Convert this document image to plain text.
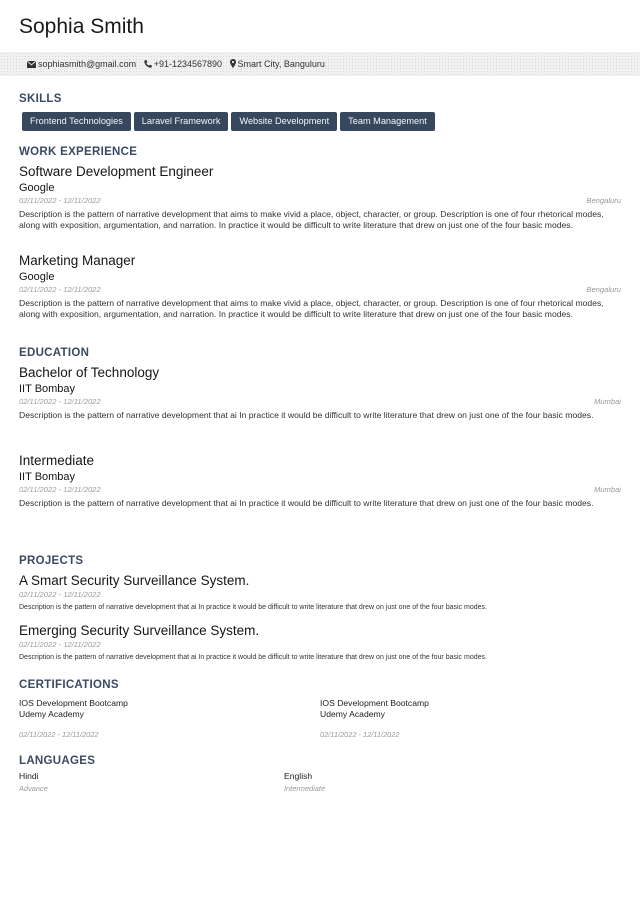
Sophia Smith
sophiasmith@gmail.com +91-1234567890 Smart City, Banguluru
SKILLS
Frontend Technologies Laravel Framework Website Development Team Management
WORK EXPERIENCE
Software Development Engineer
Google
02/11/2022 - 12/11/2022	Bengaluru
Description is the pattern of narrative development that aims to make vivid a place, object, character, or group. Description is one of four rhetorical modes, along with exposition, argumentation, and narration. In practice it would be difficult to write literature that drew on just one of the four basic modes.
Marketing Manager
Google
02/11/2022 - 12/11/2022	Bengaluru
Description is the pattern of narrative development that aims to make vivid a place, object, character, or group. Description is one of four rhetorical modes, along with exposition, argumentation, and narration. In practice it would be difficult to write literature that drew on just one of the four basic modes.
EDUCATION
Bachelor of Technology
IIT Bombay
02/11/2022 - 12/11/2022	Mumbai
Description is the pattern of narrative development that ai In practice it would be difficult to write literature that drew on just one of the four basic modes.
Intermediate
IIT Bombay
02/11/2022 - 12/11/2022	Mumbai
Description is the pattern of narrative development that ai In practice it would be difficult to write literature that drew on just one of the four basic modes.
PROJECTS
A Smart Security Surveillance System.
02/11/2022 - 12/11/2022
Description is the pattern of narrative development that ai In practice it would be difficult to write literature that drew on just one of the four basic modes.
Emerging Security Surveillance System.
02/11/2022 - 12/11/2022
Description is the pattern of narrative development that ai In practice it would be difficult to write literature that drew on just one of the four basic modes.
CERTIFICATIONS
IOS Development Bootcamp
Udemy Academy
02/11/2022 - 12/11/2022
IOS Development Bootcamp
Udemy Academy
02/11/2022 - 12/11/2022
LANGUAGES
Hindi
Advance
English
Intermediate
